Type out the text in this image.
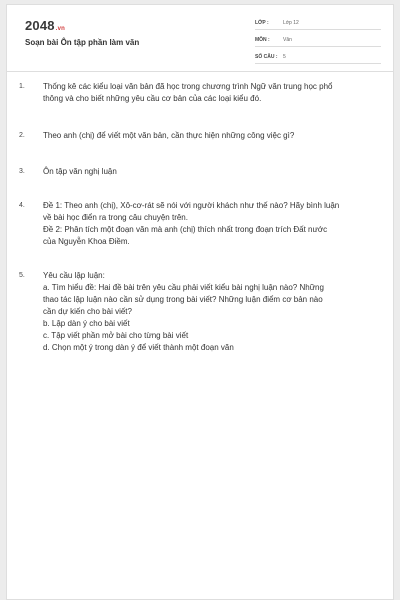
2048.vn
Soạn bài Ôn tập phần làm văn
LỚP :	Lớp 12
MÔN :	Văn
SỐ CÂU :	5
1.	Thống kê các kiểu loại văn bản đã học trong chương trình Ngữ văn trung học phổ
thông và cho biết những yêu cầu cơ bản của các loại kiểu đó.
2.	Theo anh (chị) để viết một văn bản, cần thực hiện những công việc gì?
3.	Ôn tập văn nghị luận
4.	Đề 1: Theo anh (chị), Xô-cơ-rát sẽ nói với người khách như thế nào? Hãy bình luận
về bài học điển ra trong câu chuyện trên.
Đề 2: Phân tích một đoạn văn mà anh (chị) thích nhất trong đoạn trích Đất nước
của Nguyễn Khoa Điềm.
5.	Yêu cầu lập luận:
a. Tìm hiểu đề: Hai đề bài trên yêu cầu phải viết kiểu bài nghị luận nào? Những
thao tác lập luận nào cần sử dụng trong bài viết? Những luận điểm cơ bản nào
cần dự kiến cho bài viết?
b. Lập dàn ý cho bài viết
c. Tập viết phần mở bài cho từng bài viết
d. Chọn một ý trong dàn ý để viết thành một đoạn văn
